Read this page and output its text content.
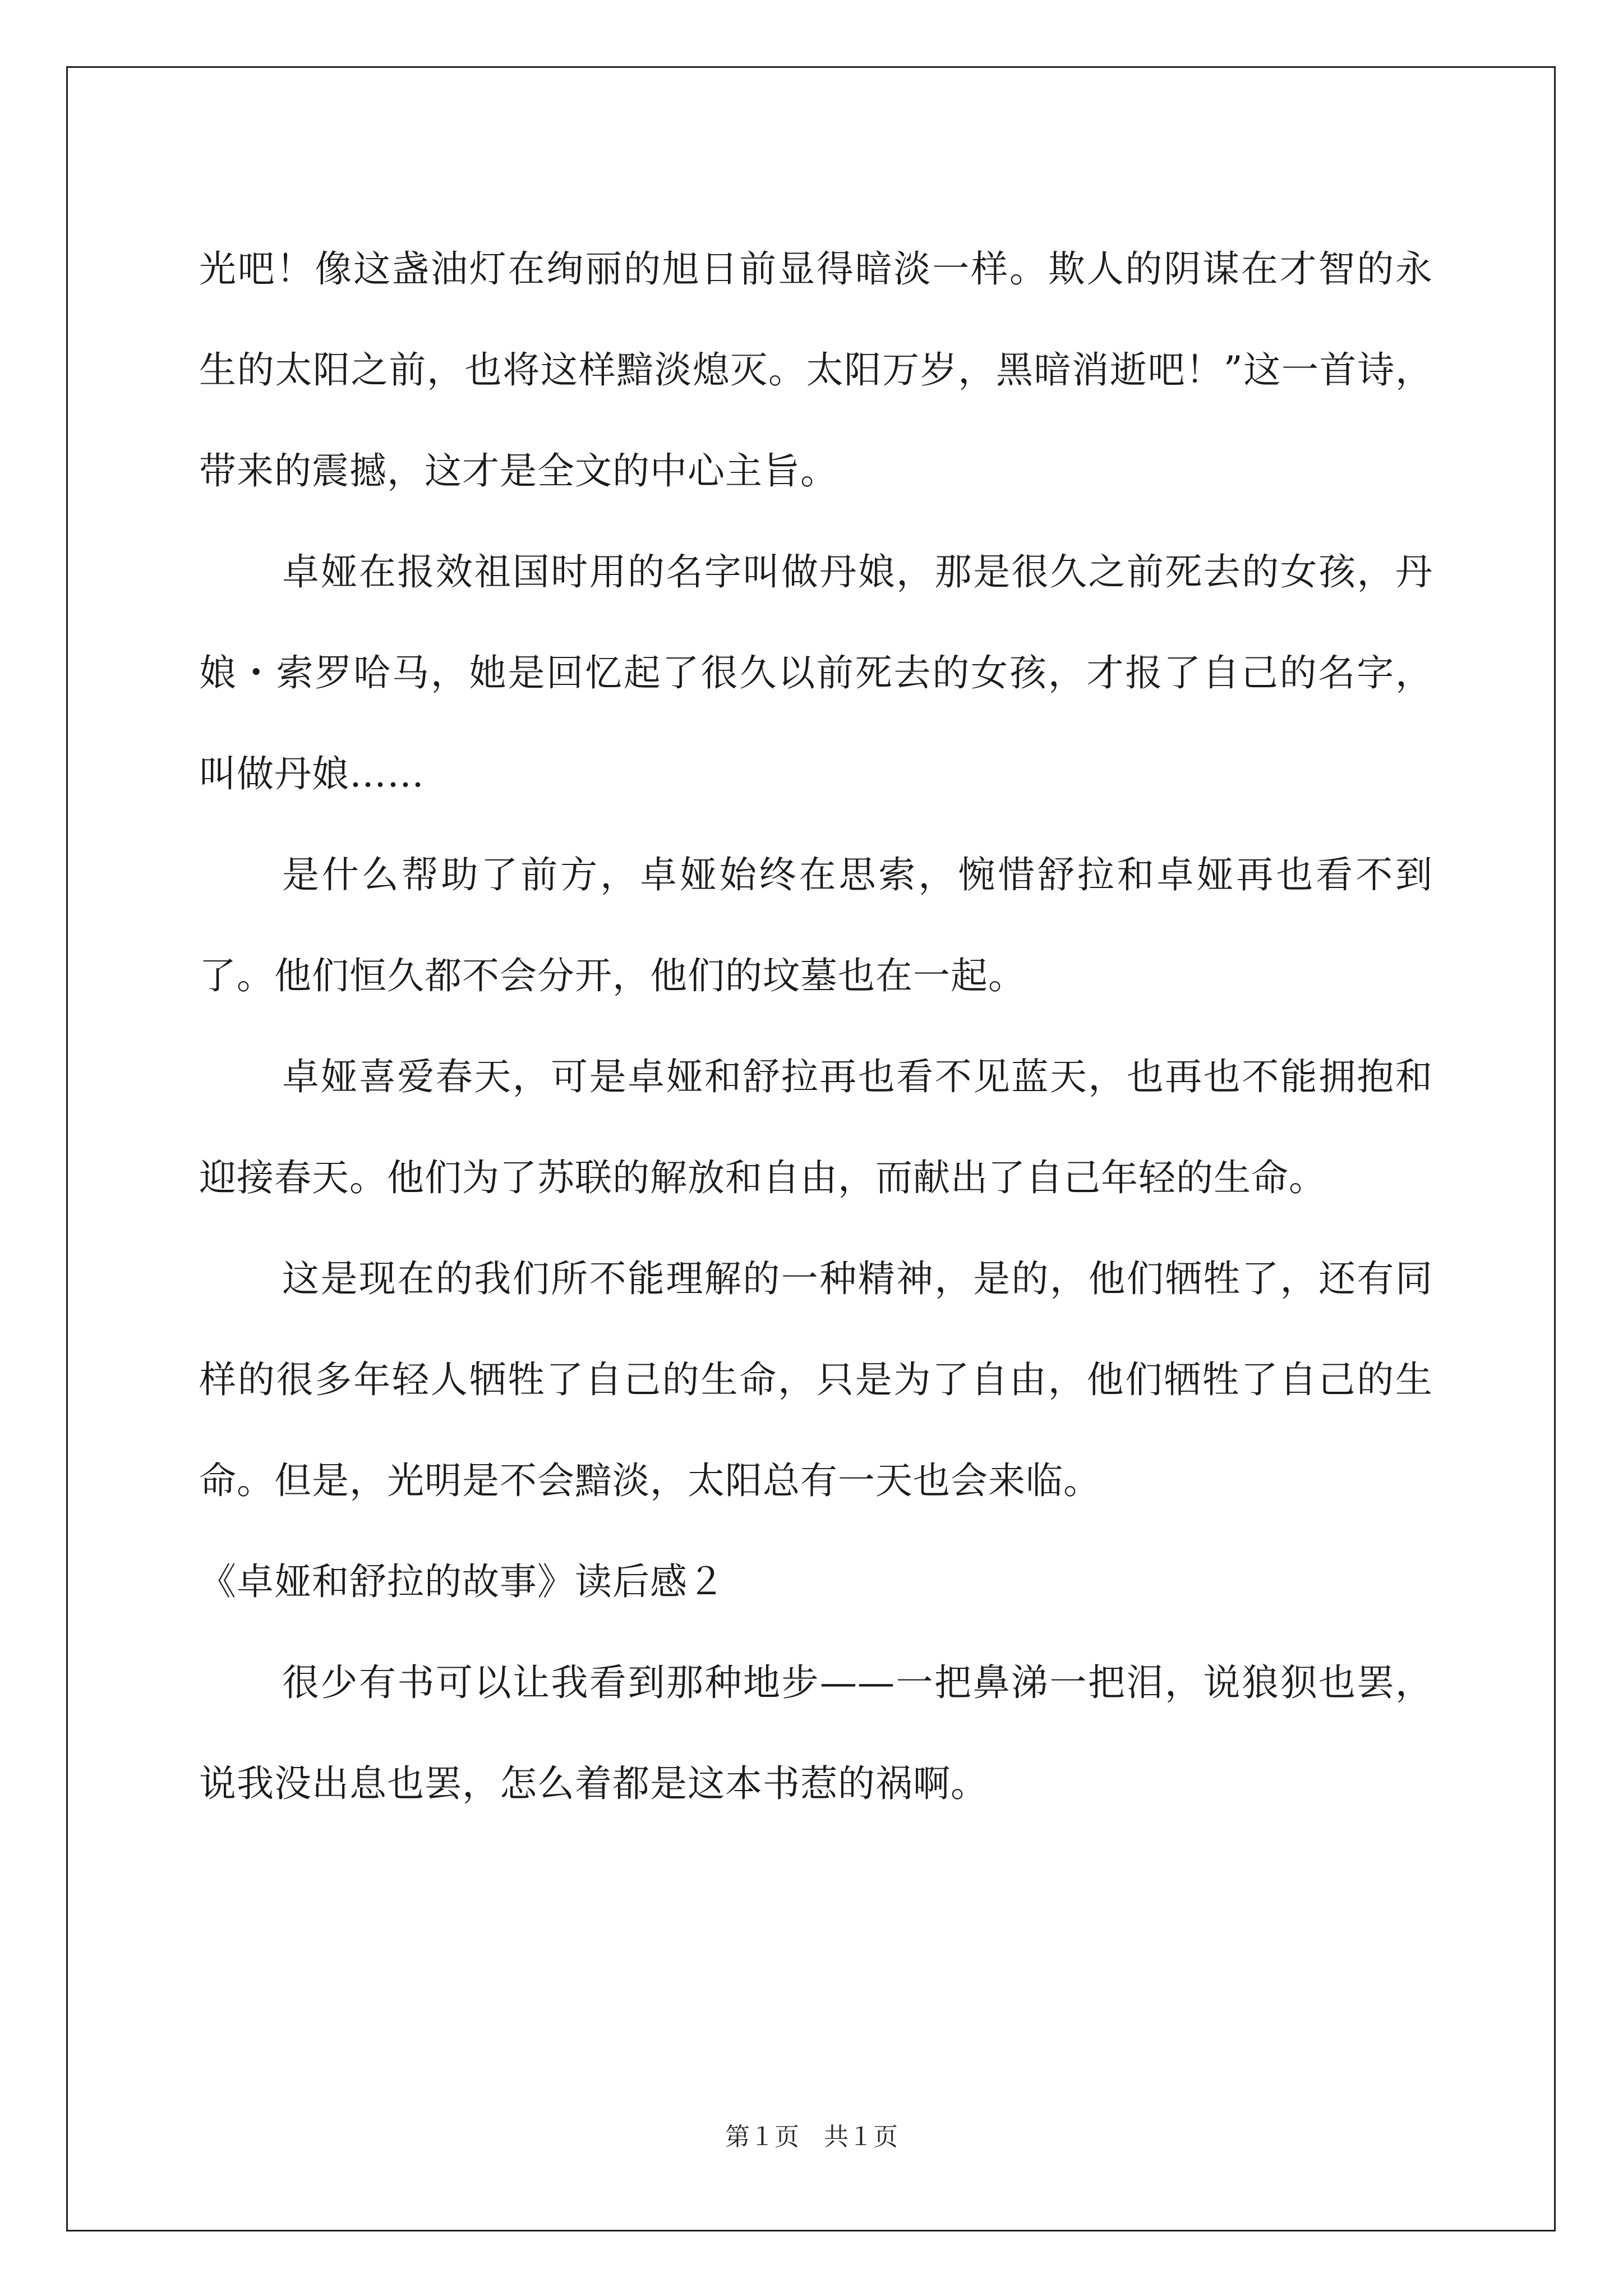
光吧！像这盏油灯在绚丽的旭日前显得暗淡一样。欺人的阴谋在才智的永生的太阳之前，也将这样黯淡熄灭。太阳万岁，黑暗消逝吧！”这一首诗，带来的震撼，这才是全文的中心主旨。

卓娅在报效祖国时用的名字叫做丹娘，那是很久之前死去的女孩，丹娘・索罗哈马，她是回忆起了很久以前死去的女孩，才报了自己的名字，叫做丹娘……

是什么帮助了前方，卓娅始终在思索，惋惜舒拉和卓娅再也看不到了。他们恒久都不会分开，他们的坟墓也在一起。

卓娅喜爱春天，可是卓娅和舒拉再也看不见蓝天，也再也不能拥抱和迎接春天。他们为了苏联的解放和自由，而献出了自己年轻的生命。

这是现在的我们所不能理解的一种精神，是的，他们牺牲了，还有同样的很多年轻人牺牲了自己的生命，只是为了自由，他们牺牲了自己的生命。但是，光明是不会黯淡，太阳总有一天也会来临。

《卓娅和舒拉的故事》读后感２

很少有书可以让我看到那种地步——一把鼻涕一把泪，说狼狈也罢，说我没出息也罢，怎么着都是这本书惹的祸啊。

第１页 共１页
